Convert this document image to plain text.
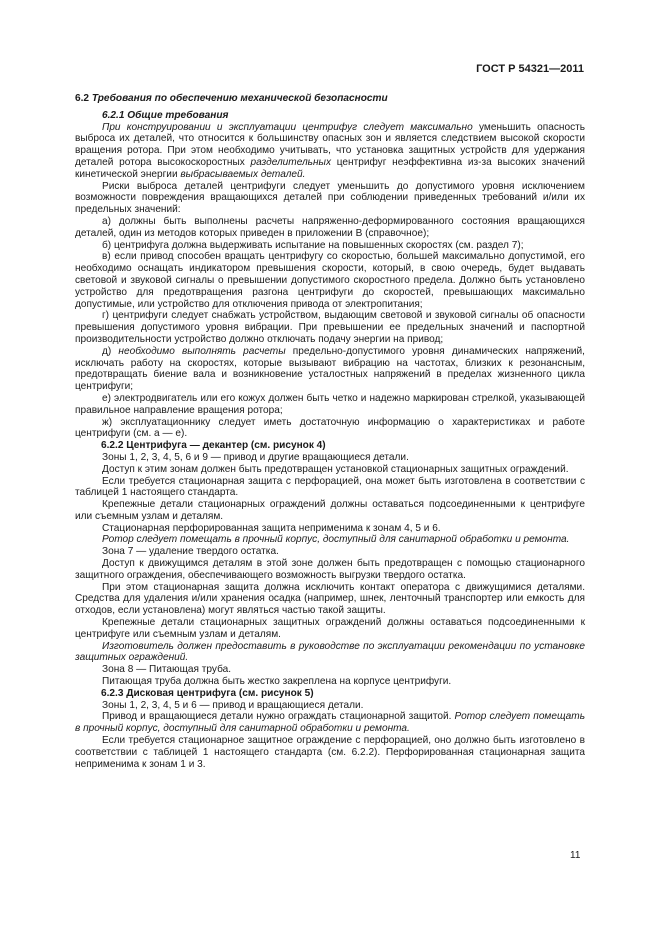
ГОСТ Р 54321—2011

6.2 Требования по обеспечению механической безопасности

6.2.1 Общие требования

При конструировании и эксплуатации центрифуг следует максимально уменьшить опасность выброса их деталей, что относится к большинству опасных зон и является следствием высокой скорости вращения ротора. При этом необходимо учитывать, что установка защитных устройств для удержания деталей ротора высокоскоростных разделительных центрифуг неэффективна из-за высоких значений кинетической энергии выбрасываемых деталей.

Риски выброса деталей центрифуги следует уменьшить до допустимого уровня исключением возможности повреждения вращающихся деталей при соблюдении приведенных требований и/или их предельных значений:

а) должны быть выполнены расчеты напряженно-деформированного состояния вращающихся деталей, один из методов которых приведен в приложении В (справочное);

б) центрифуга должна выдерживать испытание на повышенных скоростях (см. раздел 7);

в) если привод способен вращать центрифугу со скоростью, большей максимально допустимой, его необходимо оснащать индикатором превышения скорости, который, в свою очередь, будет выдавать световой и звуковой сигналы о превышении допустимого скоростного предела. Должно быть установлено устройство для предотвращения разгона центрифуги до скоростей, превышающих максимально допустимые, или устройство для отключения привода от электропитания;

г) центрифуги следует снабжать устройством, выдающим световой и звуковой сигналы об опасности превышения допустимого уровня вибрации. При превышении ее предельных значений и паспортной производительности устройство должно отключать подачу энергии на привод;

д) необходимо выполнять расчеты предельно-допустимого уровня динамических напряжений, исключать работу на скоростях, которые вызывают вибрацию на частотах, близких к резонансным, предотвращать биение вала и возникновение усталостных напряжений в пределах жизненного цикла центрифуги;

е) электродвигатель или его кожух должен быть четко и надежно маркирован стрелкой, указывающей правильное направление вращения ротора;

ж) эксплуатационнику следует иметь достаточную информацию о характеристиках и работе центрифуги (см. а — е).

6.2.2 Центрифуга — декантер (см. рисунок 4)

Зоны 1, 2, 3, 4, 5, 6 и 9 — привод и другие вращающиеся детали.

Доступ к этим зонам должен быть предотвращен установкой стационарных защитных ограждений.

Если требуется стационарная защита с перфорацией, она может быть изготовлена в соответствии с таблицей 1 настоящего стандарта.

Крепежные детали стационарных ограждений должны оставаться подсоединенными к центрифуге или съемным узлам и деталям.

Стационарная перфорированная защита неприменима к зонам 4, 5 и 6.

Ротор следует помещать в прочный корпус, доступный для санитарной обработки и ремонта.

Зона 7 — удаление твердого остатка.

Доступ к движущимся деталям в этой зоне должен быть предотвращен с помощью стационарного защитного ограждения, обеспечивающего возможность выгрузки твердого остатка.

При этом стационарная защита должна исключить контакт оператора с движущимися деталями. Средства для удаления и/или хранения осадка (например, шнек, ленточный транспортер или емкость для отходов, если установлена) могут являться частью такой защиты.

Крепежные детали стационарных защитных ограждений должны оставаться подсоединенными к центрифуге или съемным узлам и деталям.

Изготовитель должен предоставить в руководстве по эксплуатации рекомендации по установке защитных ограждений.

Зона 8 — Питающая труба.

Питающая труба должна быть жестко закреплена на корпусе центрифуги.

6.2.3 Дисковая центрифуга (см. рисунок 5)

Зоны 1, 2, 3, 4, 5 и 6 — привод и вращающиеся детали.

Привод и вращающиеся детали нужно ограждать стационарной защитой. Ротор следует помещать в прочный корпус, доступный для санитарной обработки и ремонта.

Если требуется стационарное защитное ограждение с перфорацией, оно должно быть изготовлено в соответствии с таблицей 1 настоящего стандарта (см. 6.2.2). Перфорированная стационарная защита неприменима к зонам 1 и 3.

11
